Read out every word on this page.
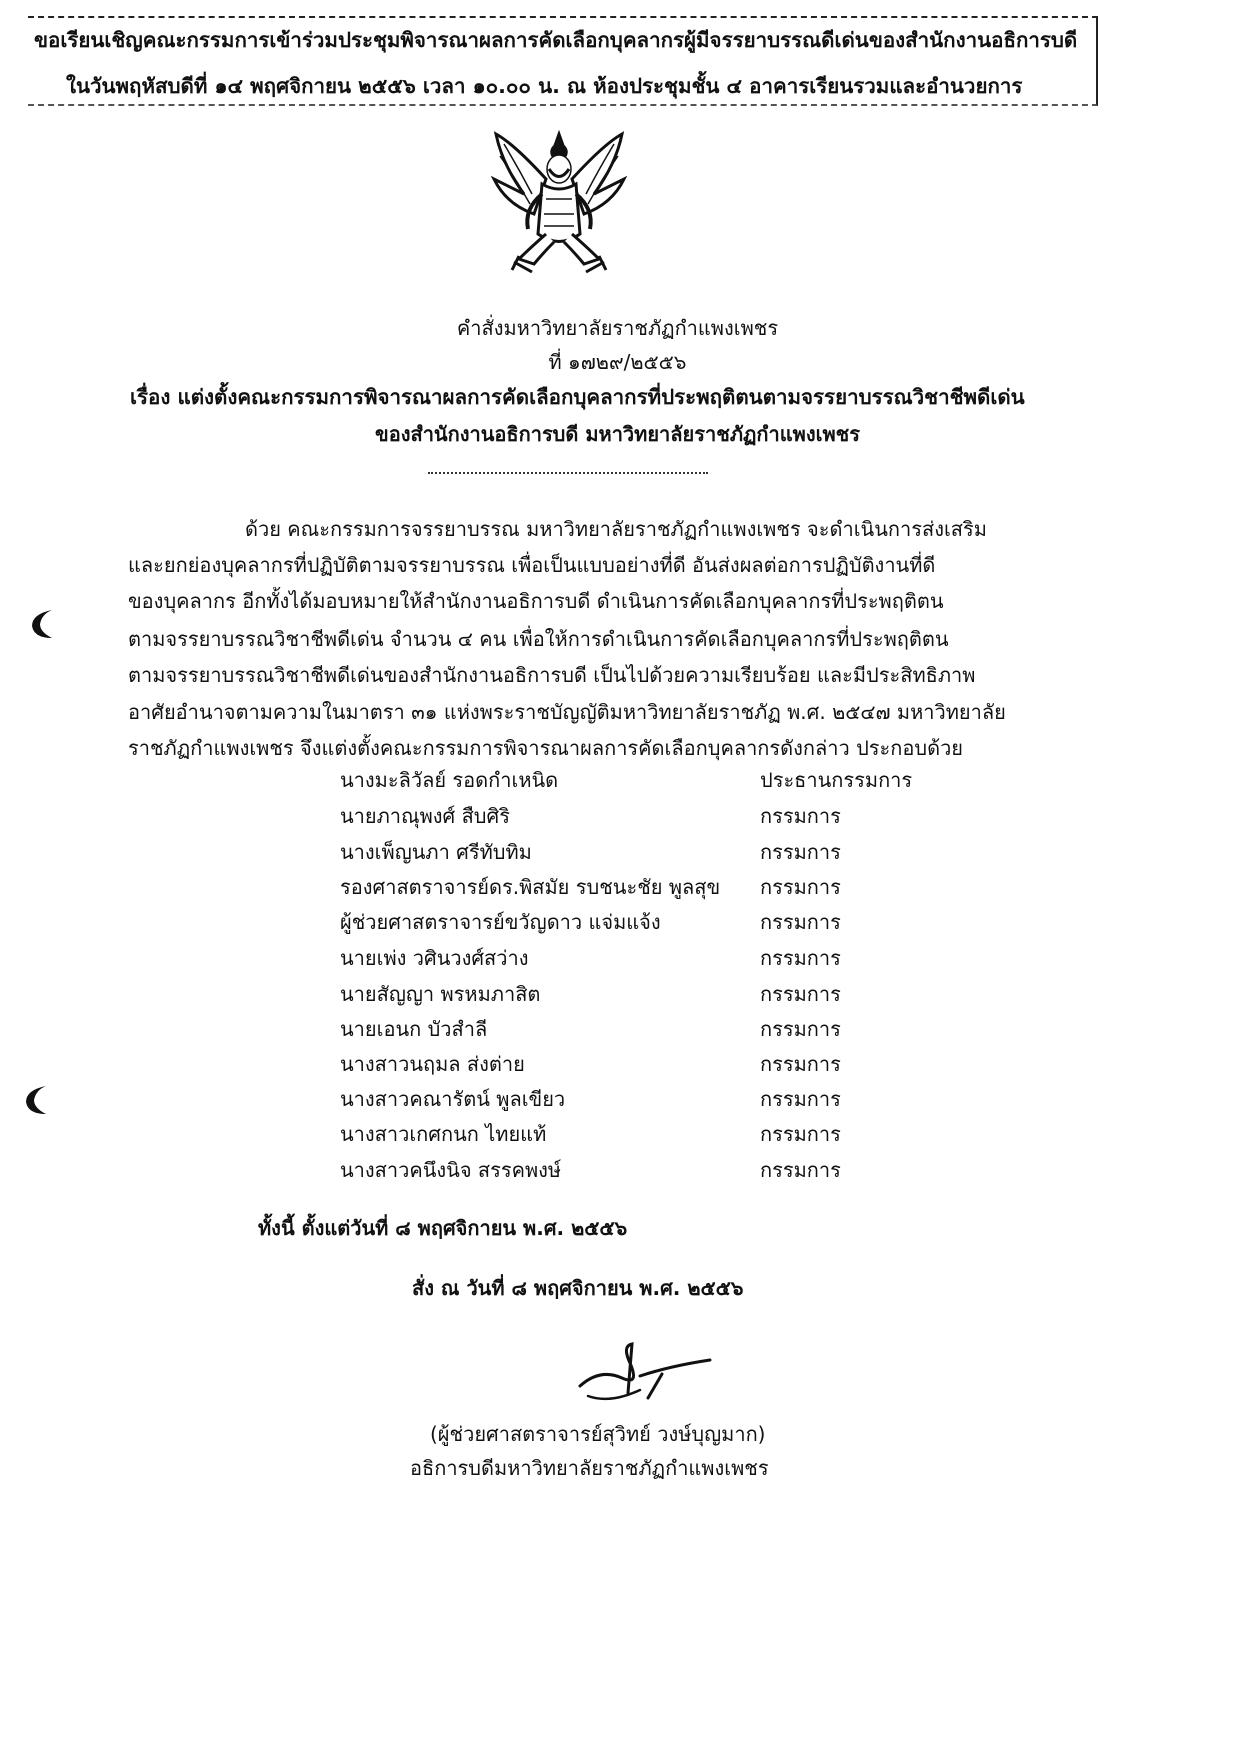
ขอเรียนเชิญคณะกรรมการเข้าร่วมประชุมพิจารณาผลการคัดเลือกบุคลากรผู้มีจรรยาบรรณดีเด่นของสำนักงานอธิการบดี
ในวันพฤหัสบดีที่ ๑๔ พฤศจิกายน ๒๕๕๖ เวลา ๑๐.๐๐ น. ณ ห้องประชุมชั้น ๔ อาคารเรียนรวมและอำนวยการ
คำสั่งมหาวิทยาลัยราชภัฏกำแพงเพชร
ที่ ๑๗๒๙/๒๕๕๖
เรื่อง แต่งตั้งคณะกรรมการพิจารณาผลการคัดเลือกบุคลากรที่ประพฤติตนตามจรรยาบรรณวิชาชีพดีเด่น
ของสำนักงานอธิการบดี มหาวิทยาลัยราชภัฏกำแพงเพชร
ด้วย คณะกรรมการจรรยาบรรณ มหาวิทยาลัยราชภัฏกำแพงเพชร จะดำเนินการส่งเสริม
และยกย่องบุคลากรที่ปฏิบัติตามจรรยาบรรณ เพื่อเป็นแบบอย่างที่ดี อันส่งผลต่อการปฏิบัติงานที่ดี
ของบุคลากร อีกทั้งได้มอบหมายให้สำนักงานอธิการบดี ดำเนินการคัดเลือกบุคลากรที่ประพฤติตน
ตามจรรยาบรรณวิชาชีพดีเด่น จำนวน ๔ คน เพื่อให้การดำเนินการคัดเลือกบุคลากรที่ประพฤติตน
ตามจรรยาบรรณวิชาชีพดีเด่นของสำนักงานอธิการบดี เป็นไปด้วยความเรียบร้อย และมีประสิทธิภาพ
อาศัยอำนาจตามความในมาตรา ๓๑ แห่งพระราชบัญญัติมหาวิทยาลัยราชภัฏ พ.ศ. ๒๕๔๗ มหาวิทยาลัย
ราชภัฏกำแพงเพชร จึงแต่งตั้งคณะกรรมการพิจารณาผลการคัดเลือกบุคลากรดังกล่าว ประกอบด้วย
นางมะลิวัลย์ รอดกำเหนิด	ประธานกรรมการ
นายภาณุพงศ์ สืบศิริ	กรรมการ
นางเพ็ญนภา ศรีทับทิม	กรรมการ
รองศาสตราจารย์ดร.พิสมัย รบชนะชัย พูลสุข กรรมการ
ผู้ช่วยศาสตราจารย์ขวัญดาว แจ่มแจ้ง	กรรมการ
นายเพ่ง วศินวงศ์สว่าง	กรรมการ
นายสัญญา พรหมภาสิต	กรรมการ
นายเอนก บัวสำลี	กรรมการ
นางสาวนฤมล ส่งต่าย	กรรมการ
นางสาวคณารัตน์ พูลเขียว	กรรมการ
นางสาวเกศกนก ไทยแท้	กรรมการ
นางสาวคนึงนิจ สรรคพงษ์	กรรมการ
ทั้งนี้ ตั้งแต่วันที่ ๘ พฤศจิกายน พ.ศ. ๒๕๕๖
สั่ง ณ วันที่ ๘ พฤศจิกายน พ.ศ. ๒๕๕๖
(ผู้ช่วยศาสตราจารย์สุวิทย์ วงษ์บุญมาก)
อธิการบดีมหาวิทยาลัยราชภัฏกำแพงเพชร
